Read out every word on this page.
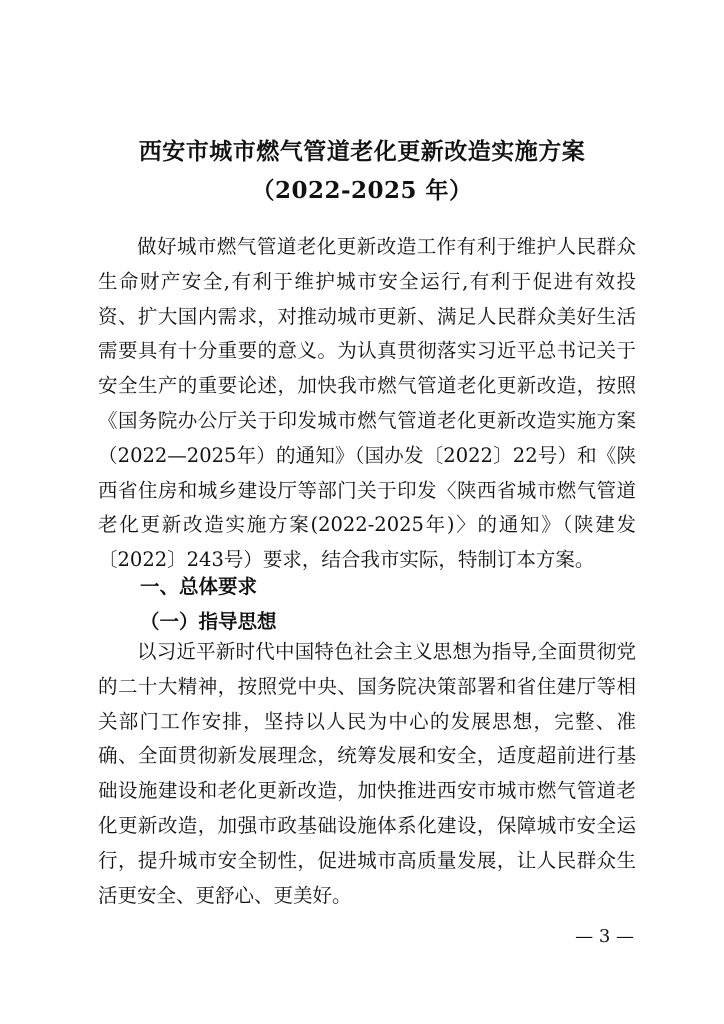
西安市城市燃气管道老化更新改造实施方案
（2022-2025 年）

做好城市燃气管道老化更新改造工作有利于维护人民群众生命财产安全,有利于维护城市安全运行,有利于促进有效投资、扩大国内需求，对推动城市更新、满足人民群众美好生活需要具有十分重要的意义。为认真贯彻落实习近平总书记关于安全生产的重要论述，加快我市燃气管道老化更新改造，按照《国务院办公厅关于印发城市燃气管道老化更新改造实施方案（2022—2025年）的通知》（国办发〔2022〕22号）和《陕西省住房和城乡建设厅等部门关于印发〈陕西省城市燃气管道老化更新改造实施方案(2022-2025年)〉的通知》（陕建发〔2022〕243号）要求，结合我市实际，特制订本方案。

一、总体要求
（一）指导思想

以习近平新时代中国特色社会主义思想为指导,全面贯彻党的二十大精神，按照党中央、国务院决策部署和省住建厅等相关部门工作安排，坚持以人民为中心的发展思想，完整、准确、全面贯彻新发展理念，统筹发展和安全，适度超前进行基础设施建设和老化更新改造，加快推进西安市城市燃气管道老化更新改造，加强市政基础设施体系化建设，保障城市安全运行，提升城市安全韧性，促进城市高质量发展，让人民群众生活更安全、更舒心、更美好。

— 3 —
